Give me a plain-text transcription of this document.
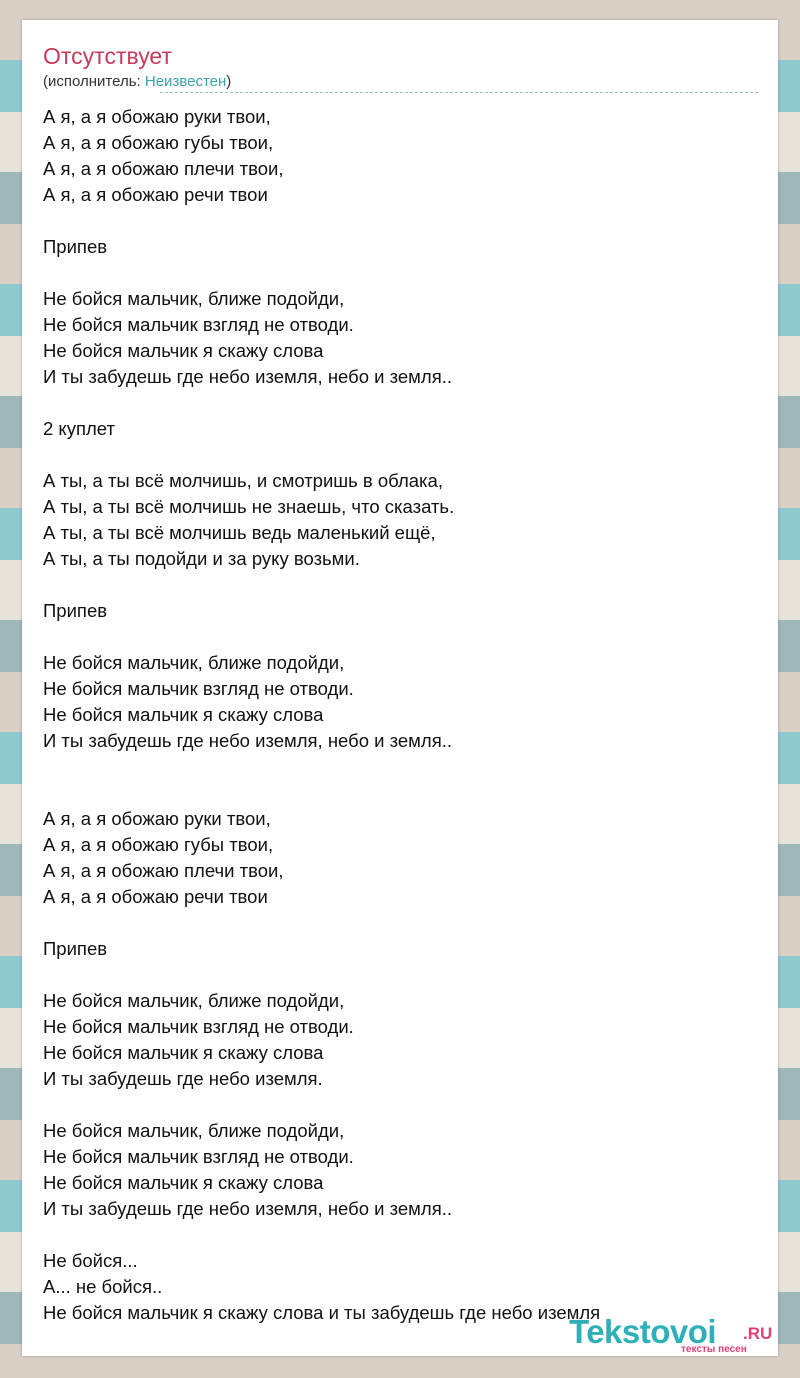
Отсутствует
(исполнитель: Неизвестен)
А я, а я обожаю руки твои,
А я, а я обожаю губы твои,
А я, а я обожаю плечи твои,
А я, а я обожаю речи твои
Припев
Не бойся мальчик, ближе подойди,
Не бойся мальчик взгляд не отводи.
Не бойся мальчик я скажу слова
И ты забудешь где небо иземля, небо и земля..
2 куплет
А ты, а ты всё молчишь, и смотришь в облака,
А ты, а ты всё молчишь не знаешь, что сказать.
А ты, а ты всё молчишь ведь маленький ещё,
А ты, а ты подойди и за руку возьми.
Припев
Не бойся мальчик, ближе подойди,
Не бойся мальчик взгляд не отводи.
Не бойся мальчик я скажу слова
И ты забудешь где небо иземля, небо и земля..
А я, а я обожаю руки твои,
А я, а я обожаю губы твои,
А я, а я обожаю плечи твои,
А я, а я обожаю речи твои
Припев
Не бойся мальчик, ближе подойди,
Не бойся мальчик взгляд не отводи.
Не бойся мальчик я скажу слова
И ты забудешь где небо иземля.
Не бойся мальчик, ближе подойди,
Не бойся мальчик взгляд не отводи.
Не бойся мальчик я скажу слова
И ты забудешь где небо иземля, небо и земля..
Не бойся...
А... не бойся..
Не бойся мальчик я скажу слова и ты забудешь где небо иземля
Tekstovoi .RU
тексты песен
